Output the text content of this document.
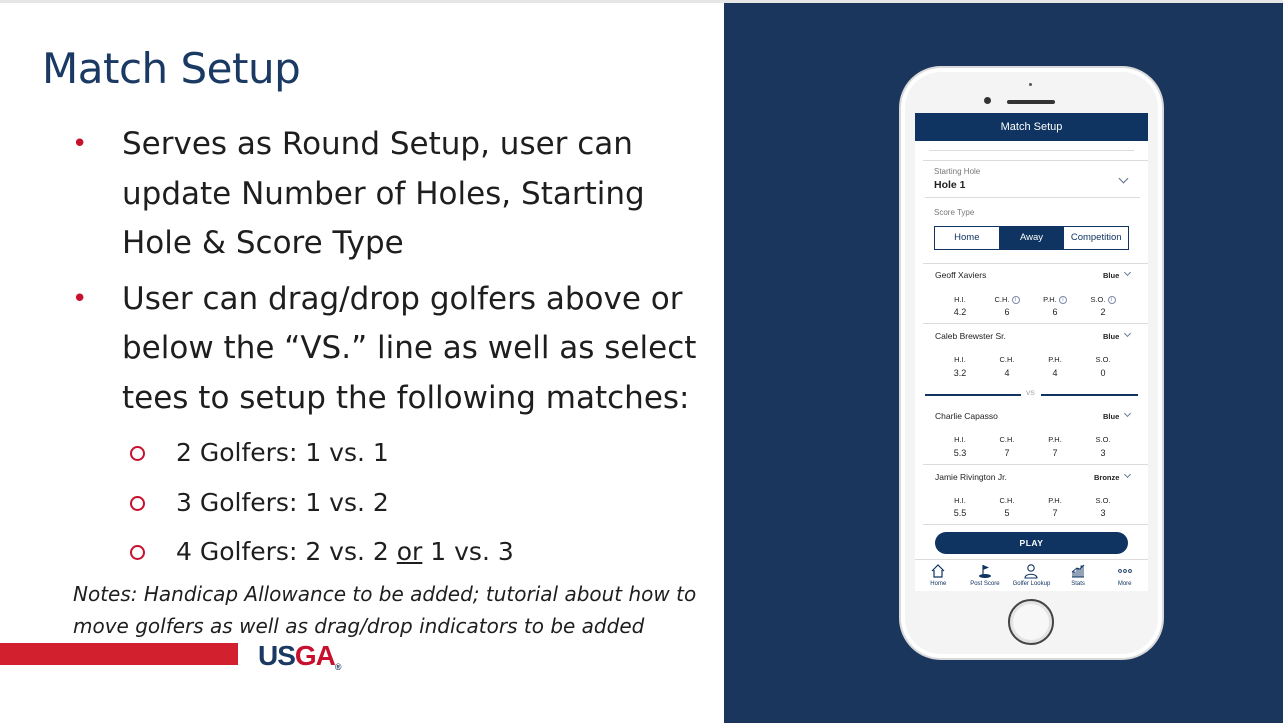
Match Setup
• Serves as Round Setup, user can update Number of Holes, Starting Hole & Score Type
• User can drag/drop golfers above or below the “VS.” line as well as select tees to setup the following matches:
2 Golfers: 1 vs. 1
3 Golfers: 1 vs. 2
4 Golfers: 2 vs. 2 or 1 vs. 3
Notes: Handicap Allowance to be added; tutorial about how to move golfers as well as drag/drop indicators to be added
USGA®
Match Setup
Starting Hole
Hole 1
Score Type
Home	Away	Competition
Geoff Xaviers	Blue
H.I.	C.H. i	P.H. i	S.O. i
4.2	6	6	2
Caleb Brewster Sr.	Blue
H.I.	C.H.	P.H.	S.O.
3.2	4	4	0
VS
Charlie Capasso	Blue
H.I.	C.H.	P.H.	S.O.
5.3	7	7	3
Jamie Rivington Jr.	Bronze
H.I.	C.H.	P.H.	S.O.
5.5	5	7	3
PLAY
Home	Post Score	Golfer Lookup	Stats	More
